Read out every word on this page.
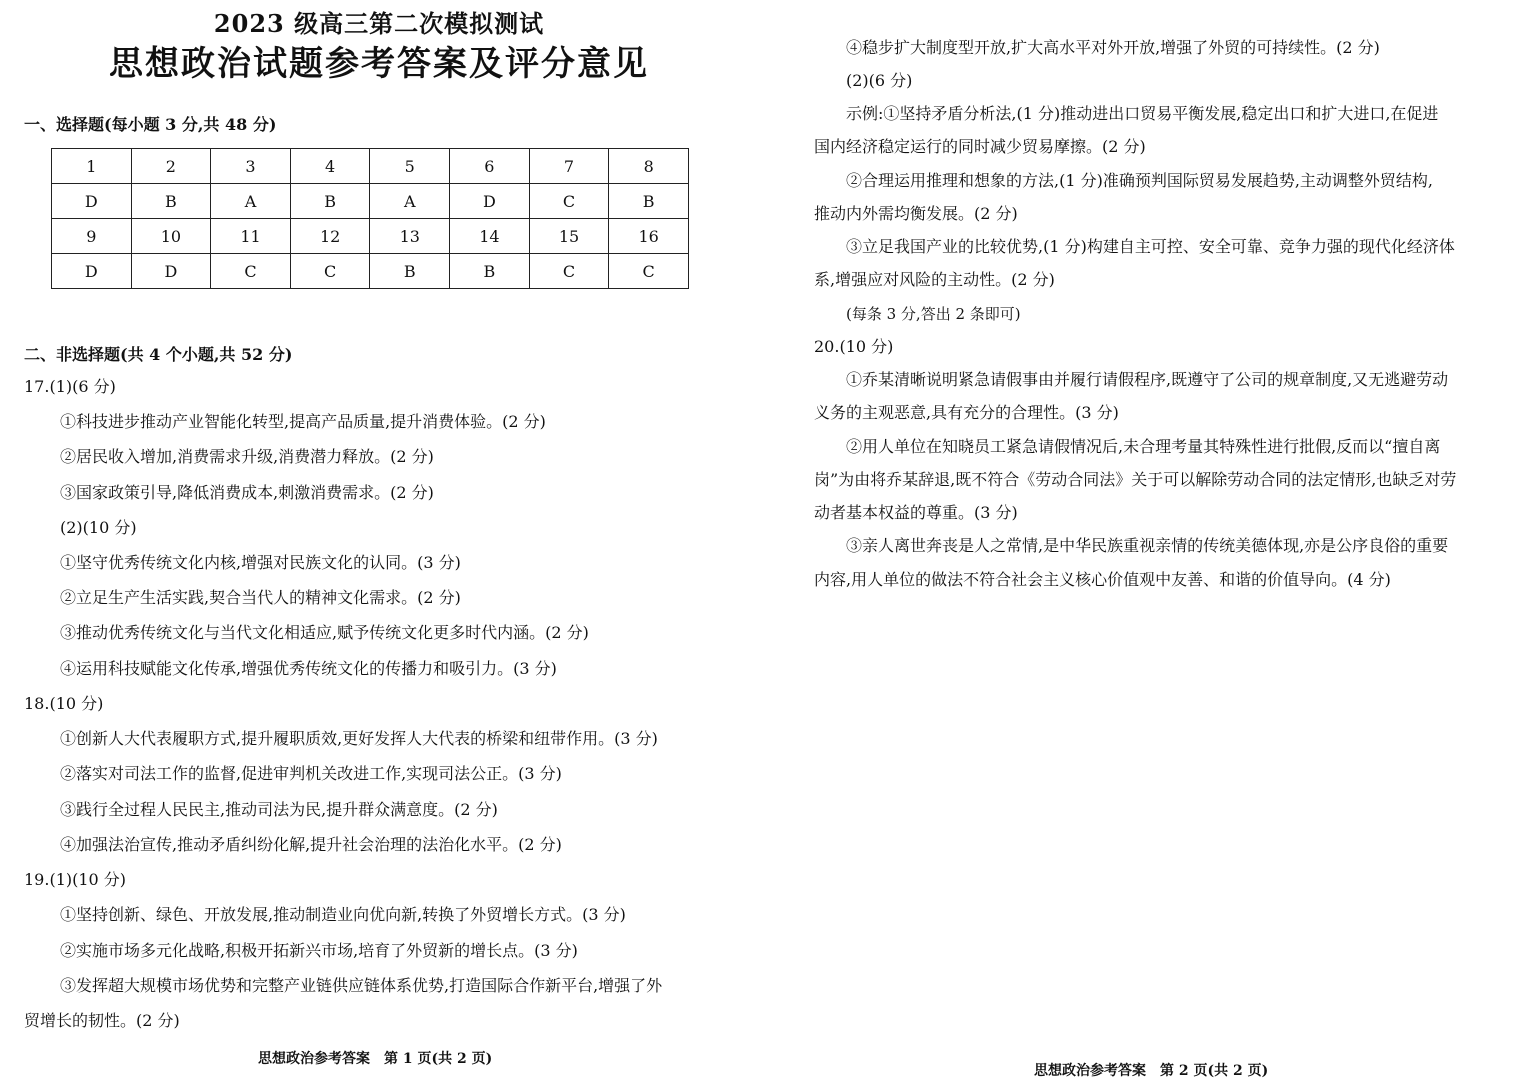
2023 级高三第二次模拟测试
思想政治试题参考答案及评分意见
一、选择题(每小题 3 分,共 48 分)
1	2	3	4	5	6	7	8
D	B	A	B	A	D	C	B
9	10	11	12	13	14	15	16
D	D	C	C	B	B	C	C
二、非选择题(共 4 个小题,共 52 分)
17.(1)(6 分)
①科技进步推动产业智能化转型,提高产品质量,提升消费体验。(2 分)
②居民收入增加,消费需求升级,消费潜力释放。(2 分)
③国家政策引导,降低消费成本,刺激消费需求。(2 分)
(2)(10 分)
①坚守优秀传统文化内核,增强对民族文化的认同。(3 分)
②立足生产生活实践,契合当代人的精神文化需求。(2 分)
③推动优秀传统文化与当代文化相适应,赋予传统文化更多时代内涵。(2 分)
④运用科技赋能文化传承,增强优秀传统文化的传播力和吸引力。(3 分)
18.(10 分)
①创新人大代表履职方式,提升履职质效,更好发挥人大代表的桥梁和纽带作用。(3 分)
②落实对司法工作的监督,促进审判机关改进工作,实现司法公正。(3 分)
③践行全过程人民民主,推动司法为民,提升群众满意度。(2 分)
④加强法治宣传,推动矛盾纠纷化解,提升社会治理的法治化水平。(2 分)
19.(1)(10 分)
①坚持创新、绿色、开放发展,推动制造业向优向新,转换了外贸增长方式。(3 分)
②实施市场多元化战略,积极开拓新兴市场,培育了外贸新的增长点。(3 分)
③发挥超大规模市场优势和完整产业链供应链体系优势,打造国际合作新平台,增强了外
贸增长的韧性。(2 分)
思想政治参考答案　第 1 页(共 2 页)
④稳步扩大制度型开放,扩大高水平对外开放,增强了外贸的可持续性。(2 分)
(2)(6 分)
示例:①坚持矛盾分析法,(1 分)推动进出口贸易平衡发展,稳定出口和扩大进口,在促进
国内经济稳定运行的同时减少贸易摩擦。(2 分)
②合理运用推理和想象的方法,(1 分)准确预判国际贸易发展趋势,主动调整外贸结构,
推动内外需均衡发展。(2 分)
③立足我国产业的比较优势,(1 分)构建自主可控、安全可靠、竞争力强的现代化经济体
系,增强应对风险的主动性。(2 分)
(每条 3 分,答出 2 条即可)
20.(10 分)
①乔某清晰说明紧急请假事由并履行请假程序,既遵守了公司的规章制度,又无逃避劳动
义务的主观恶意,具有充分的合理性。(3 分)
②用人单位在知晓员工紧急请假情况后,未合理考量其特殊性进行批假,反而以“擅自离
岗”为由将乔某辞退,既不符合《劳动合同法》关于可以解除劳动合同的法定情形,也缺乏对劳
动者基本权益的尊重。(3 分)
③亲人离世奔丧是人之常情,是中华民族重视亲情的传统美德体现,亦是公序良俗的重要
内容,用人单位的做法不符合社会主义核心价值观中友善、和谐的价值导向。(4 分)
思想政治参考答案　第 2 页(共 2 页)
